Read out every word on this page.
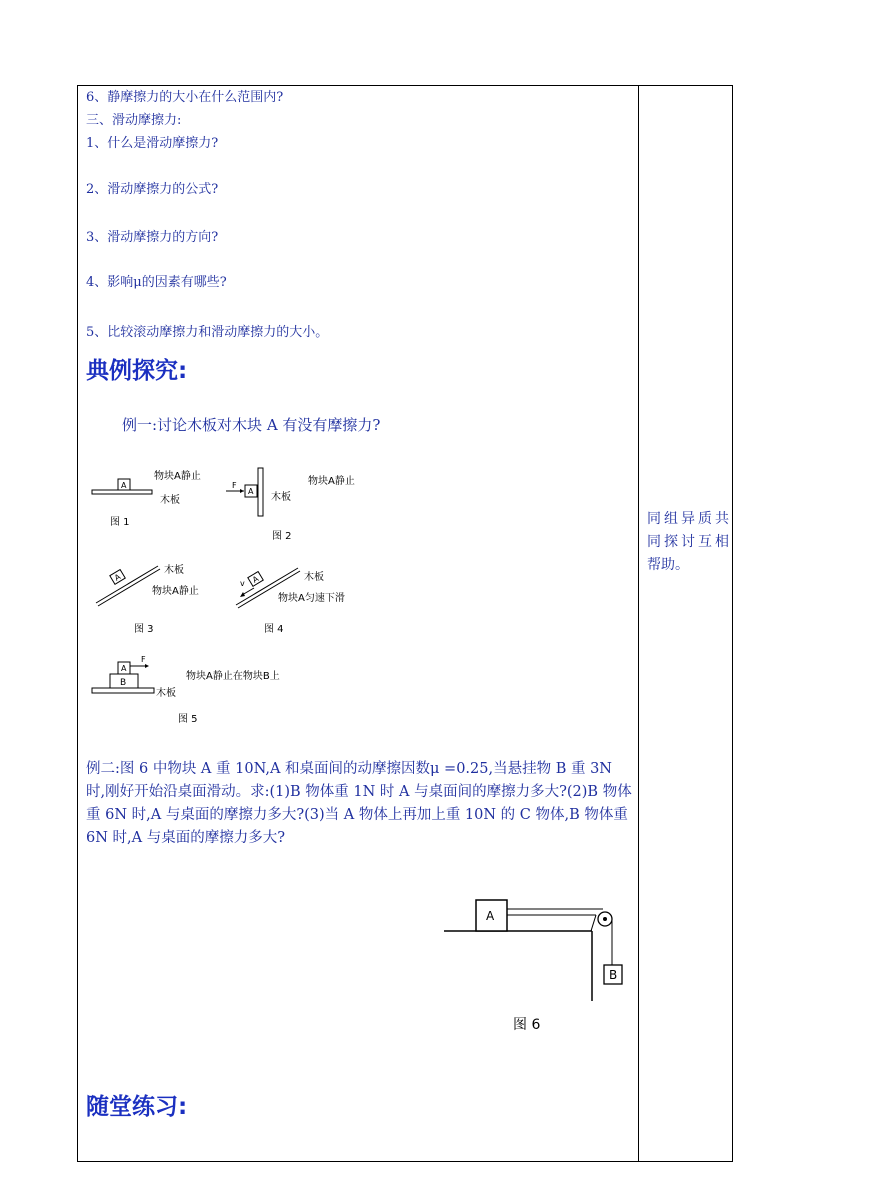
6、静摩擦力的大小在什么范围内?
三、滑动摩擦力:
1、什么是滑动摩擦力?
2、滑动摩擦力的公式?
3、滑动摩擦力的方向?
4、影响μ的因素有哪些?
5、比较滚动摩擦力和滑动摩擦力的大小。
典例探究:
例一:讨论木板对木块 A 有没有摩擦力?
A
物块A静止
木板
图 1
A
F	物块A静止
木板
图 2
A
木板
物块A静止
图 3
A
v
木板
物块A匀速下滑
图 4
B
A
F
物块A静止在物块B上
木板
图 5
例二:图 6 中物块 A 重 10N,A 和桌面间的动摩擦因数μ =0.25,当悬挂物 B 重 3N 时,刚好开始沿桌面滑动。求:(1)B 物体重 1N 时 A 与桌面间的摩擦力多大?(2)B 物体重 6N 时,A 与桌面的摩擦力多大?(3)当 A 物体上再加上重 10N 的 C 物体,B 物体重 6N 时,A 与桌面的摩擦力多大?
A
B
图 6
随堂练习:
同组异质共同探讨互相帮助。
